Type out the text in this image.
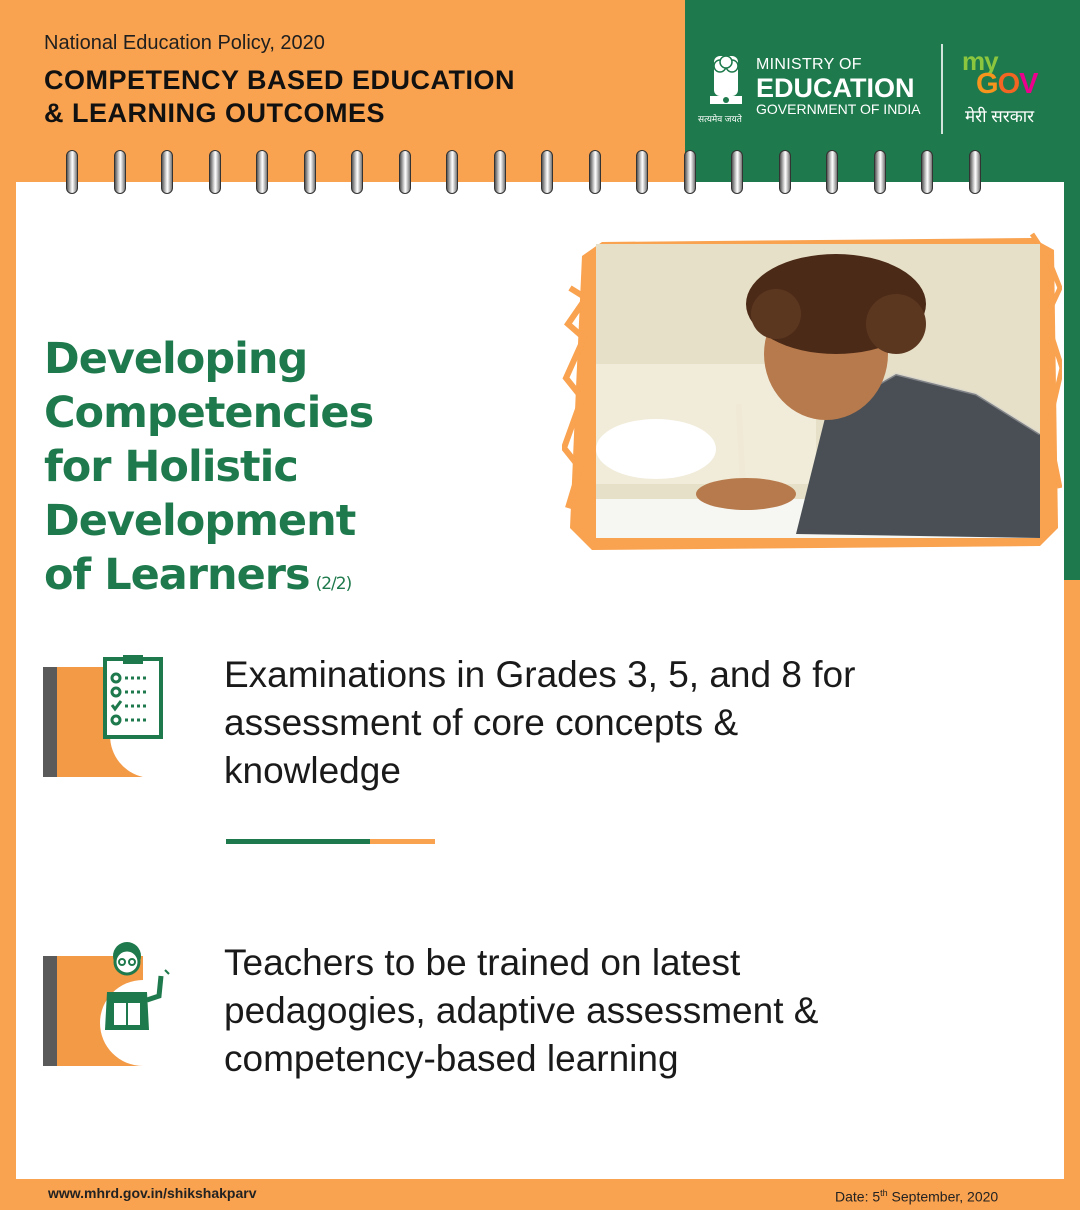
National Education Policy, 2020
COMPETENCY BASED EDUCATION
& LEARNING OUTCOMES	सत्यमेव जयते
MINISTRY OF
EDUCATION
GOVERNMENT OF INDIA
my
GOV
मेरी सरकार
Developing Competencies
for Holistic Development
of Learners (2/2)
Examinations in Grades 3, 5, and 8 for
assessment of core concepts &
knowledge
Teachers to be trained on latest
pedagogies, adaptive assessment &
competency-based learning
www.mhrd.gov.in/shikshakparv	Date: 5th September, 2020
